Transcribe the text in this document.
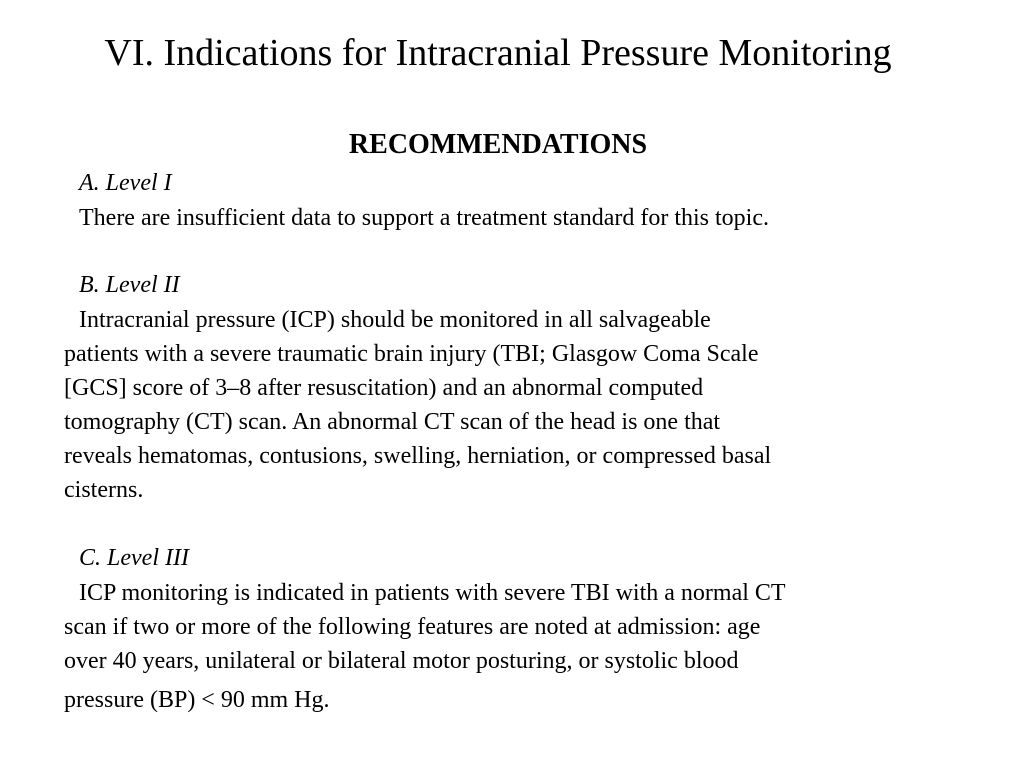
VI. Indications for Intracranial Pressure Monitoring
RECOMMENDATIONS
A. Level I
There are insufficient data to support a treatment standard for this topic.
B. Level II
Intracranial pressure (ICP) should be monitored in all salvageable
patients with a severe traumatic brain injury (TBI; Glasgow Coma Scale
[GCS] score of 3–8 after resuscitation) and an abnormal computed
tomography (CT) scan. An abnormal CT scan of the head is one that
reveals hematomas, contusions, swelling, herniation, or compressed basal
cisterns.
C. Level III
ICP monitoring is indicated in patients with severe TBI with a normal CT
scan if two or more of the following features are noted at admission: age
over 40 years, unilateral or bilateral motor posturing, or systolic blood
pressure (BP) < 90 mm Hg.
